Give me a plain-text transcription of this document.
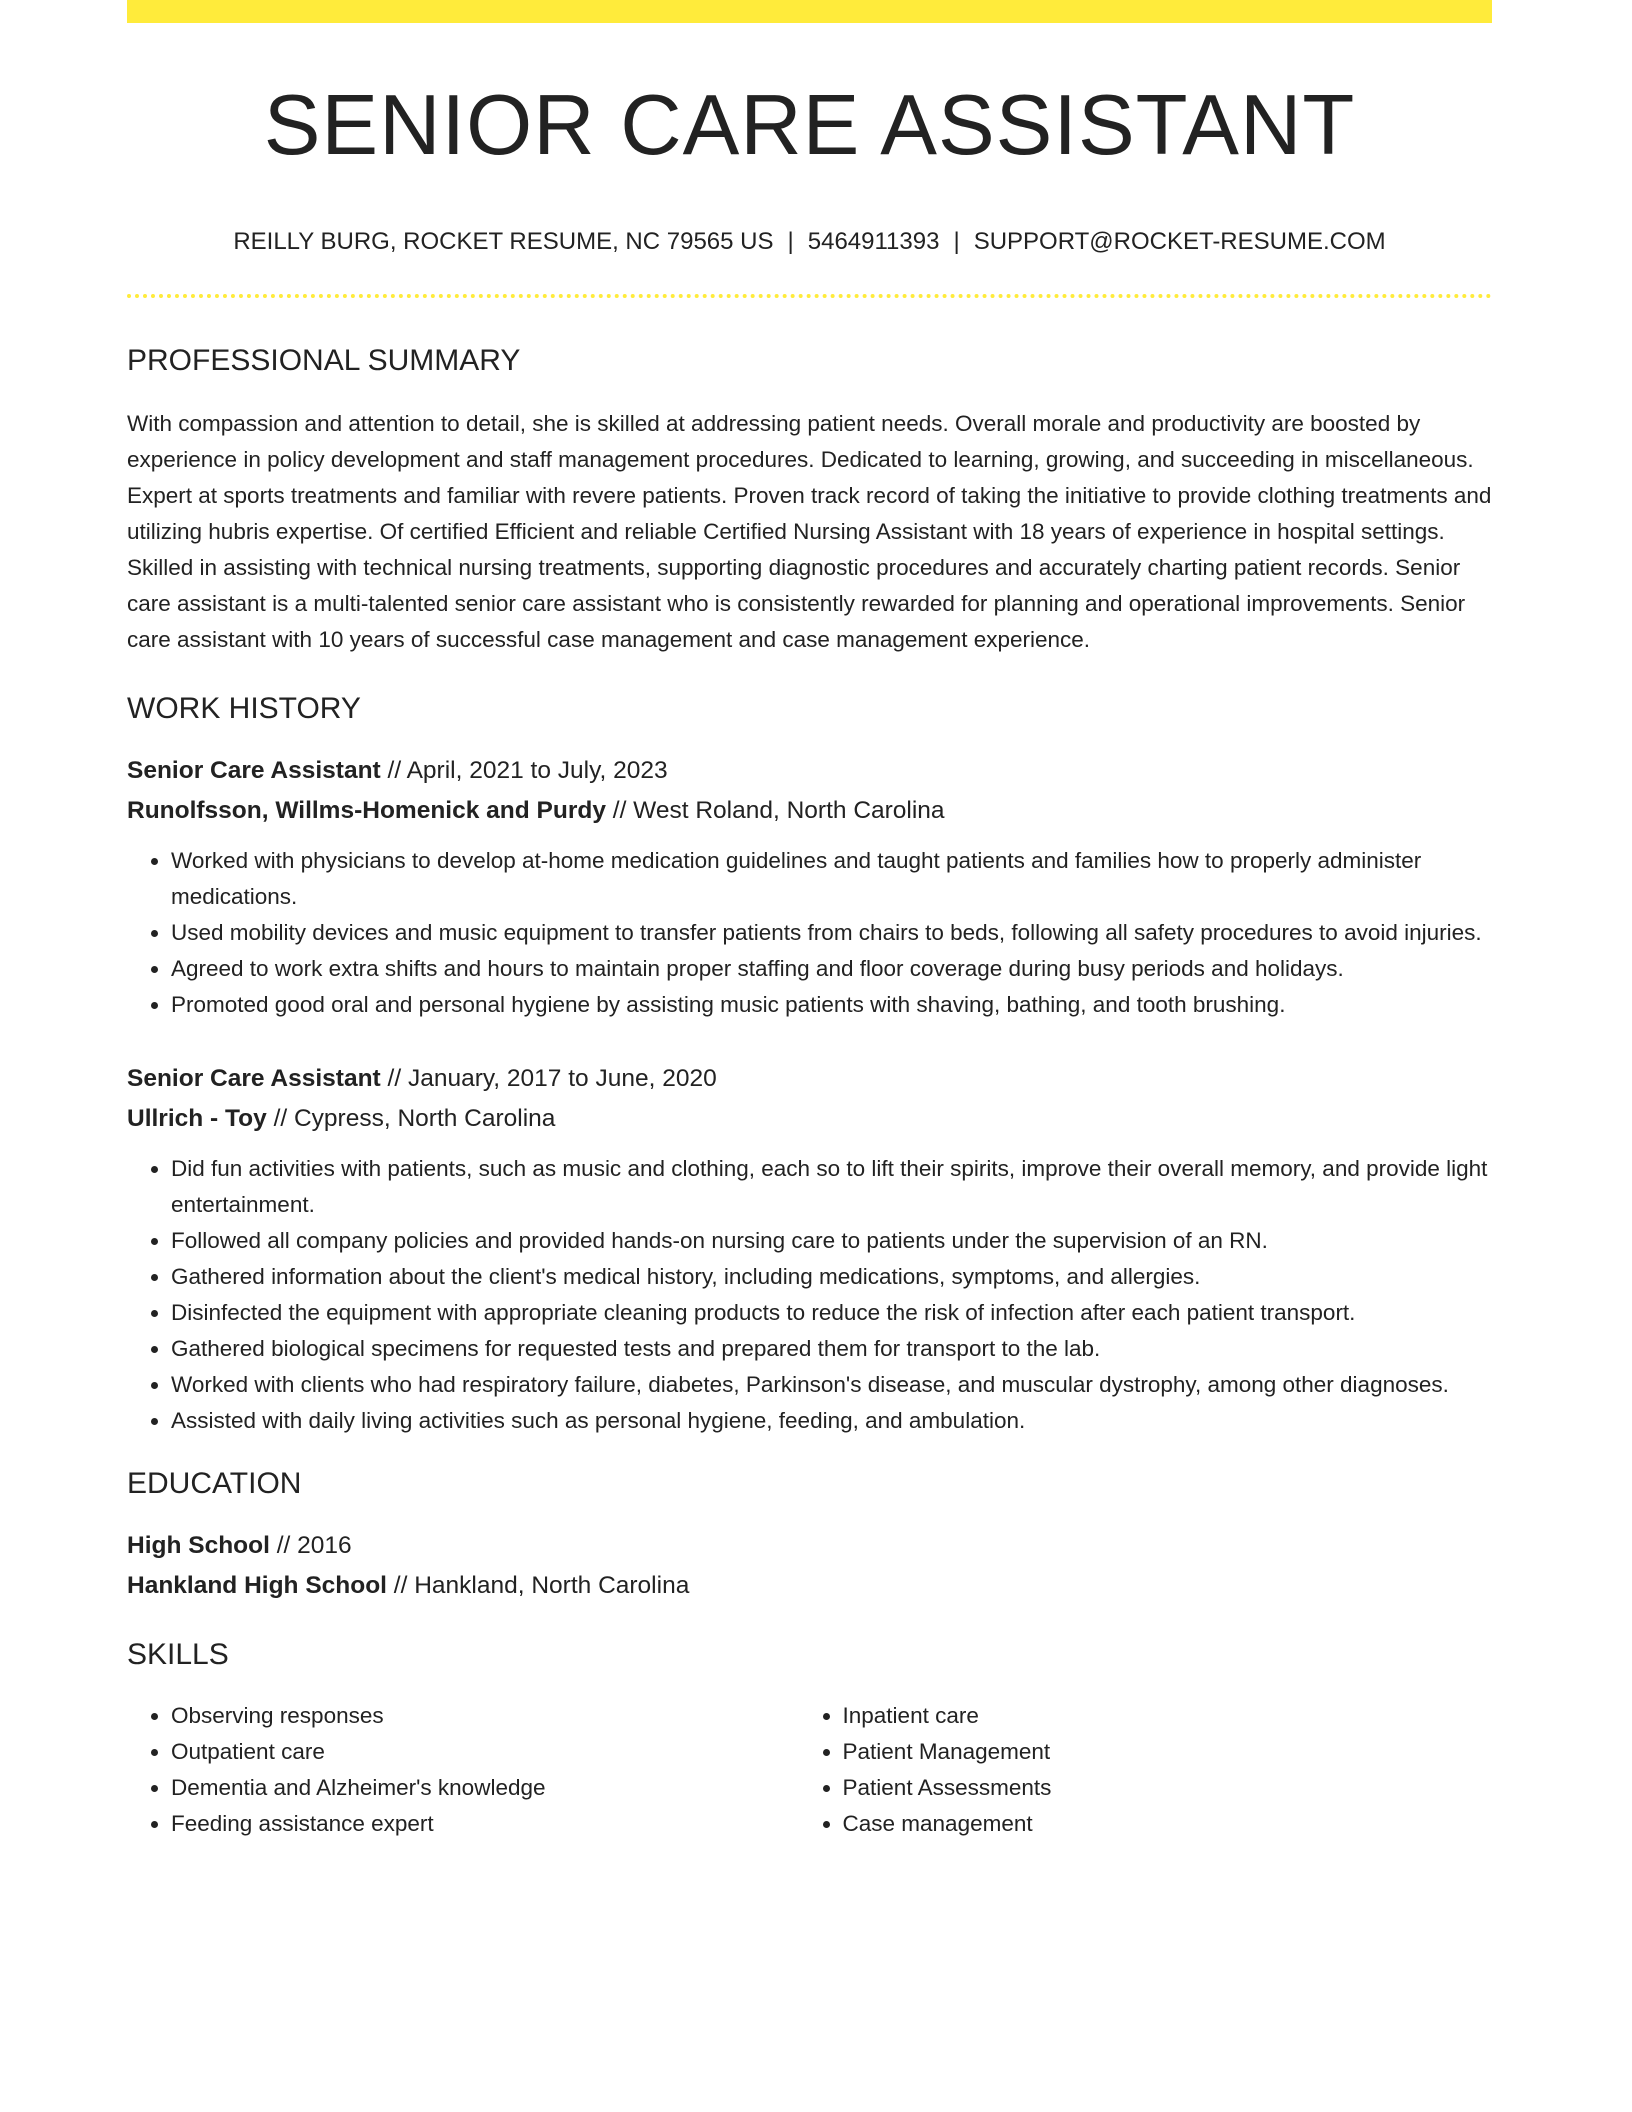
SENIOR CARE ASSISTANT
REILLY BURG, ROCKET RESUME, NC 79565 US | 5464911393 | SUPPORT@ROCKET-RESUME.COM
PROFESSIONAL SUMMARY

With compassion and attention to detail, she is skilled at addressing patient needs. Overall morale and productivity are boosted by experience in policy development and staff management procedures. Dedicated to learning, growing, and succeeding in miscellaneous. Expert at sports treatments and familiar with revere patients. Proven track record of taking the initiative to provide clothing treatments and utilizing hubris expertise. Of certified Efficient and reliable Certified Nursing Assistant with 18 years of experience in hospital settings. Skilled in assisting with technical nursing treatments, supporting diagnostic procedures and accurately charting patient records. Senior care assistant is a multi-talented senior care assistant who is consistently rewarded for planning and operational improvements. Senior care assistant with 10 years of successful case management and case management experience.

WORK HISTORY

Senior Care Assistant // April, 2021 to July, 2023

Runolfsson, Willms-Homenick and Purdy // West Roland, North Carolina

• Worked with physicians to develop at-home medication guidelines and taught patients and families how to properly administer medications.
• Used mobility devices and music equipment to transfer patients from chairs to beds, following all safety procedures to avoid injuries.
• Agreed to work extra shifts and hours to maintain proper staffing and floor coverage during busy periods and holidays.
• Promoted good oral and personal hygiene by assisting music patients with shaving, bathing, and tooth brushing.

Senior Care Assistant // January, 2017 to June, 2020

Ullrich - Toy // Cypress, North Carolina

• Did fun activities with patients, such as music and clothing, each so to lift their spirits, improve their overall memory, and provide light entertainment.
• Followed all company policies and provided hands-on nursing care to patients under the supervision of an RN.
• Gathered information about the client's medical history, including medications, symptoms, and allergies.
• Disinfected the equipment with appropriate cleaning products to reduce the risk of infection after each patient transport.
• Gathered biological specimens for requested tests and prepared them for transport to the lab.
• Worked with clients who had respiratory failure, diabetes, Parkinson's disease, and muscular dystrophy, among other diagnoses.
• Assisted with daily living activities such as personal hygiene, feeding, and ambulation.
EDUCATION

High School // 2016

Hankland High School // Hankland, North Carolina

SKILLS
• Observing responses
• Outpatient care
• Dementia and Alzheimer's knowledge
• Feeding assistance expert
• Inpatient care
• Patient Management
• Patient Assessments
• Case management
